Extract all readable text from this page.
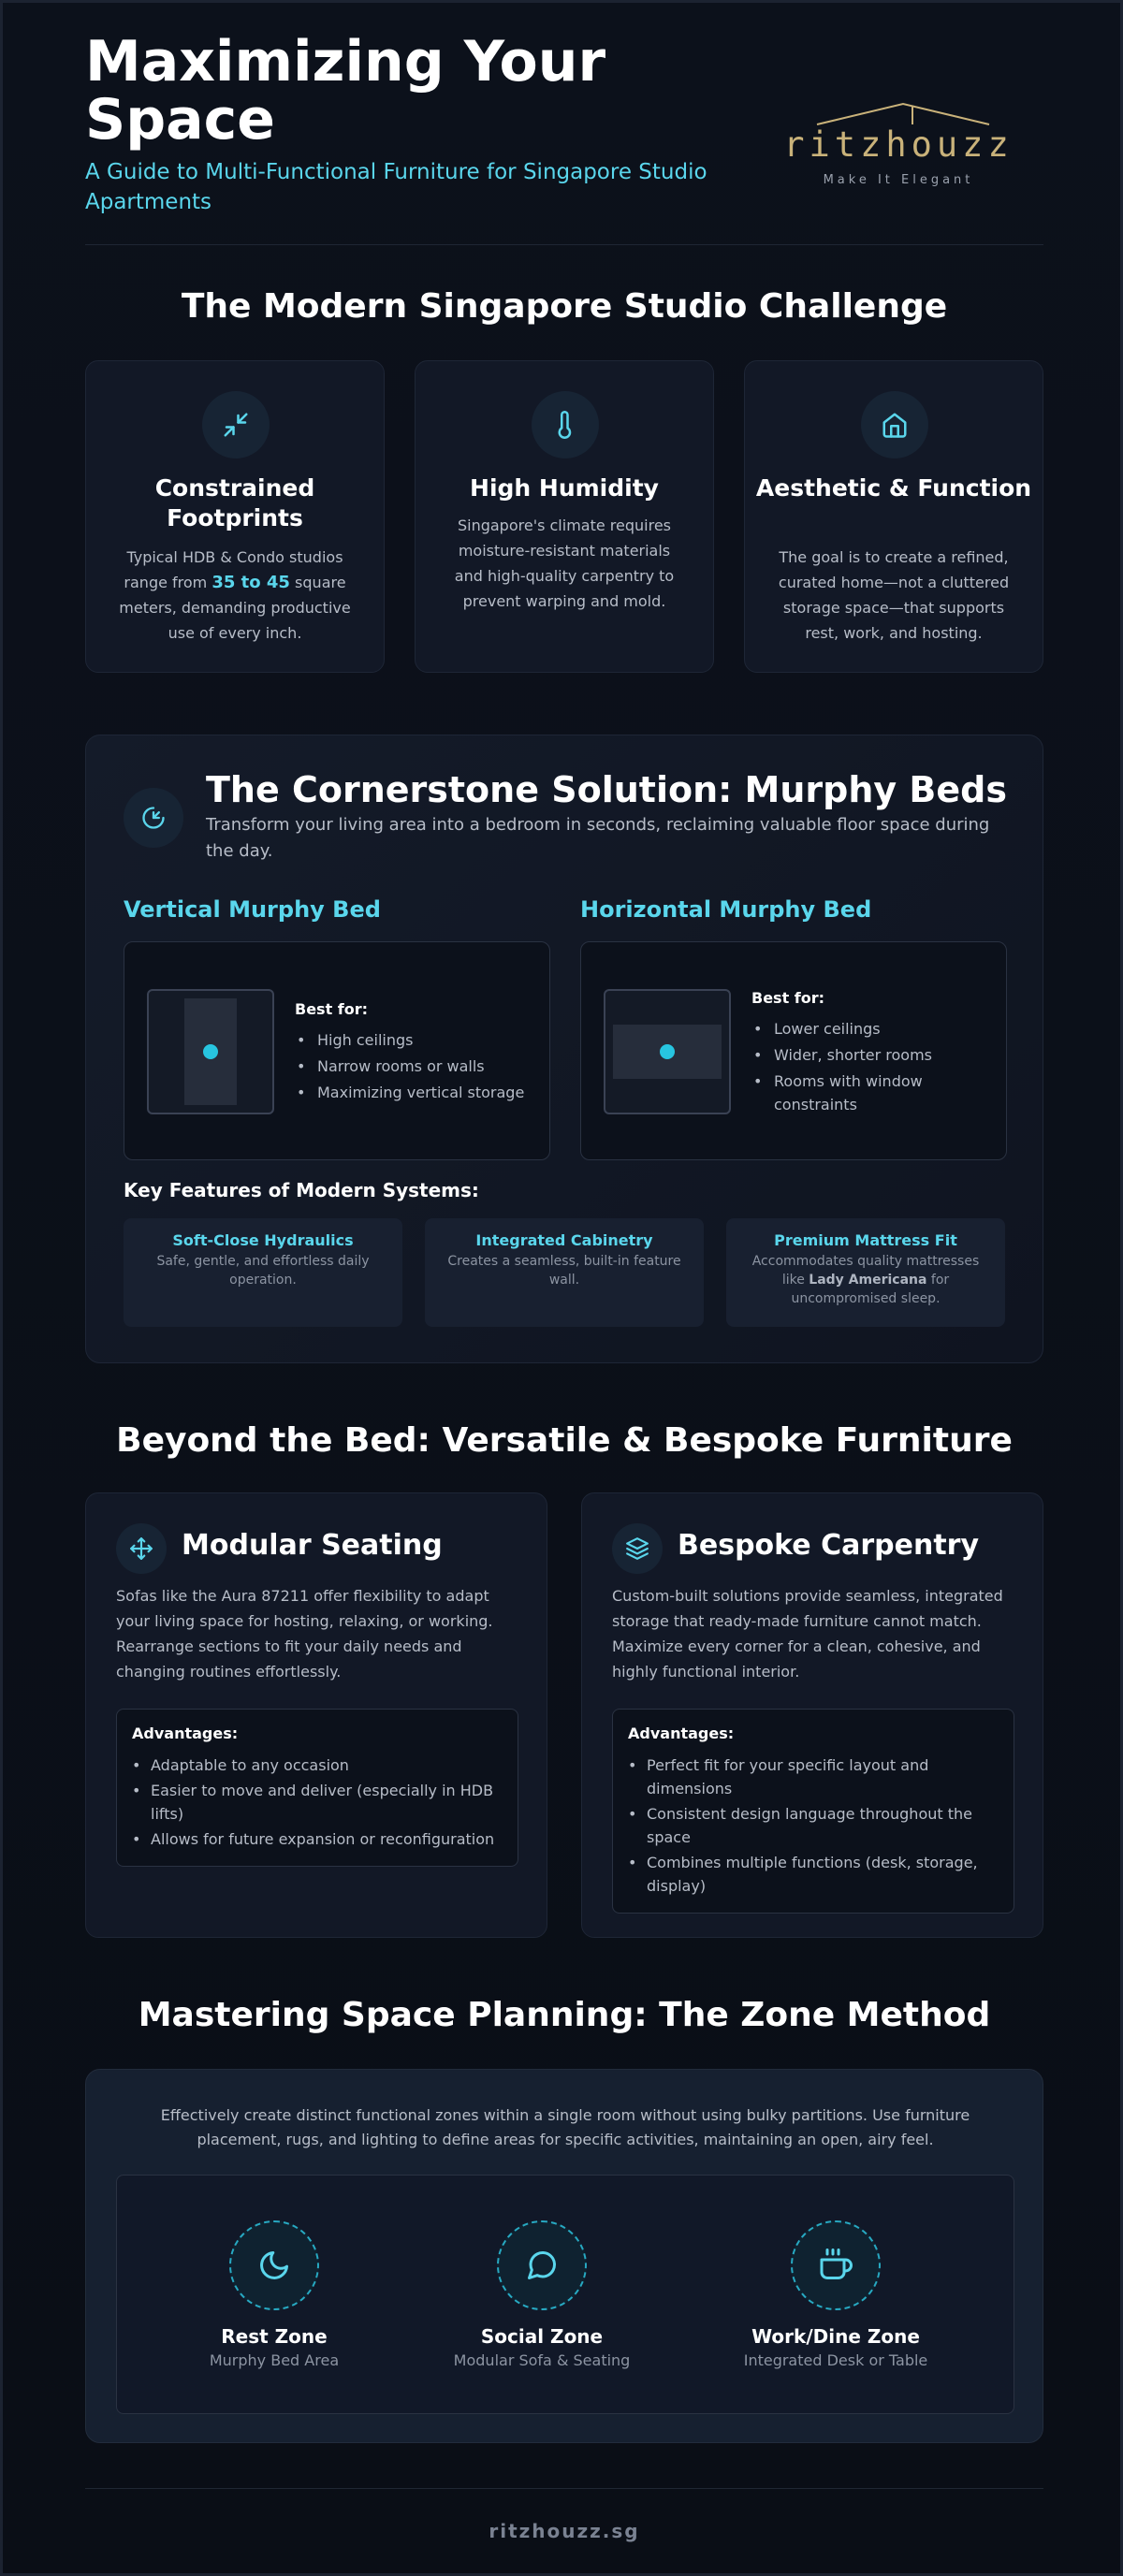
Maximizing Your Space
A Guide to Multi-Functional Furniture for Singapore Studio Apartments
ritzhouzz
Make It Elegant
The Modern Singapore Studio Challenge
Constrained Footprints
Typical HDB & Condo studios range from 35 to 45 square meters, demanding productive use of every inch.
High Humidity
Singapore's climate requires moisture-resistant materials and high-quality carpentry to prevent warping and mold.
Aesthetic & Function
The goal is to create a refined, curated home—not a cluttered storage space—that supports rest, work, and hosting.
The Cornerstone Solution: Murphy Beds
Transform your living area into a bedroom in seconds, reclaiming valuable floor space during the day.
Vertical Murphy Bed
Best for:
• High ceilings
• Narrow rooms or walls
• Maximizing vertical storage
Horizontal Murphy Bed
Best for:
• Lower ceilings
• Wider, shorter rooms
• Rooms with window constraints
Key Features of Modern Systems:
Soft-Close Hydraulics
Safe, gentle, and effortless daily operation.
Integrated Cabinetry
Creates a seamless, built-in feature wall.
Premium Mattress Fit
Accommodates quality mattresses like Lady Americana for uncompromised sleep.
Beyond the Bed: Versatile & Bespoke Furniture
Modular Seating
Sofas like the Aura 87211 offer flexibility to adapt your living space for hosting, relaxing, or working. Rearrange sections to fit your daily needs and changing routines effortlessly.
Advantages:
• Adaptable to any occasion
• Easier to move and deliver (especially in HDB lifts)
• Allows for future expansion or reconfiguration
Bespoke Carpentry
Custom-built solutions provide seamless, integrated storage that ready-made furniture cannot match. Maximize every corner for a clean, cohesive, and highly functional interior.
Advantages:
• Perfect fit for your specific layout and dimensions
• Consistent design language throughout the space
• Combines multiple functions (desk, storage, display)
Mastering Space Planning: The Zone Method
Effectively create distinct functional zones within a single room without using bulky partitions. Use furniture placement, rugs, and lighting to define areas for specific activities, maintaining an open, airy feel.
Rest Zone
Murphy Bed Area
Social Zone
Modular Sofa & Seating
Work/Dine Zone
Integrated Desk or Table
ritzhouzz.sg
